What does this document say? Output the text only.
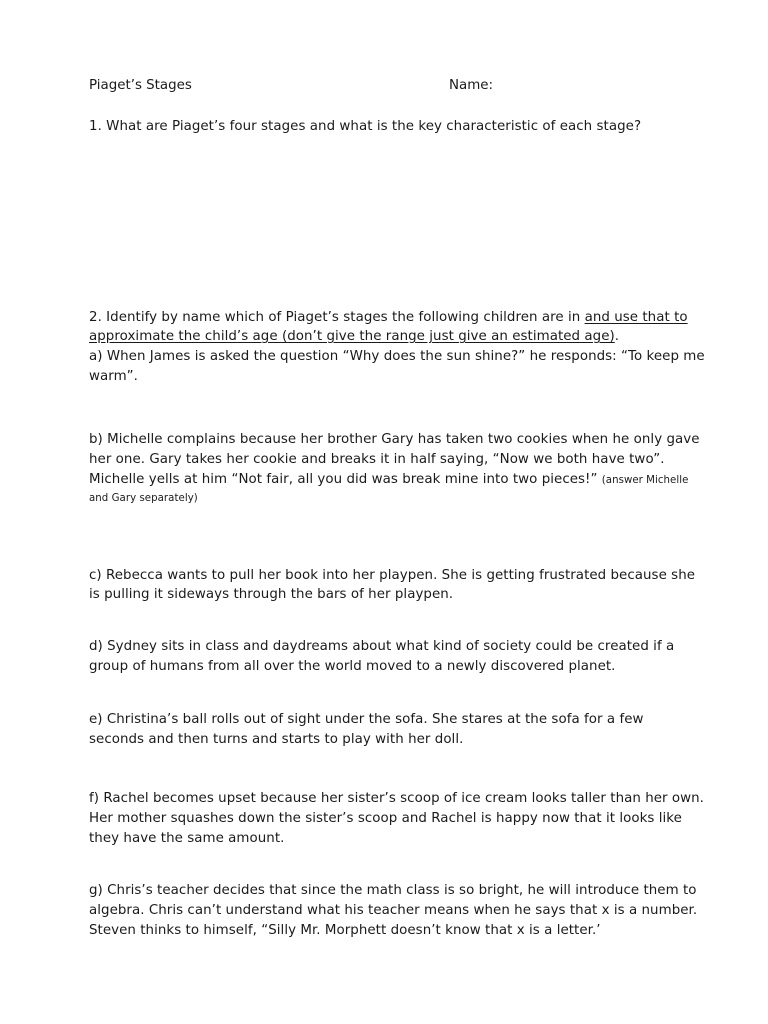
Piaget’s Stages	Name:
1. What are Piaget’s four stages and what is the key characteristic of each stage?
2. Identify by name which of Piaget’s stages the following children are in and use that to
approximate the child’s age (don’t give the range just give an estimated age).
a) When James is asked the question “Why does the sun shine?” he responds: “To keep me
warm”.
b) Michelle complains because her brother Gary has taken two cookies when he only gave
her one. Gary takes her cookie and breaks it in half saying, “Now we both have two”.
Michelle yells at him “Not fair, all you did was break mine into two pieces!” (answer Michelle
and Gary separately)
c) Rebecca wants to pull her book into her playpen. She is getting frustrated because she
is pulling it sideways through the bars of her playpen.
d) Sydney sits in class and daydreams about what kind of society could be created if a
group of humans from all over the world moved to a newly discovered planet.
e) Christina’s ball rolls out of sight under the sofa. She stares at the sofa for a few
seconds and then turns and starts to play with her doll.
f) Rachel becomes upset because her sister’s scoop of ice cream looks taller than her own.
Her mother squashes down the sister’s scoop and Rachel is happy now that it looks like
they have the same amount.
g) Chris’s teacher decides that since the math class is so bright, he will introduce them to
algebra. Chris can’t understand what his teacher means when he says that x is a number.
Steven thinks to himself, “Silly Mr. Morphett doesn’t know that x is a letter.’
